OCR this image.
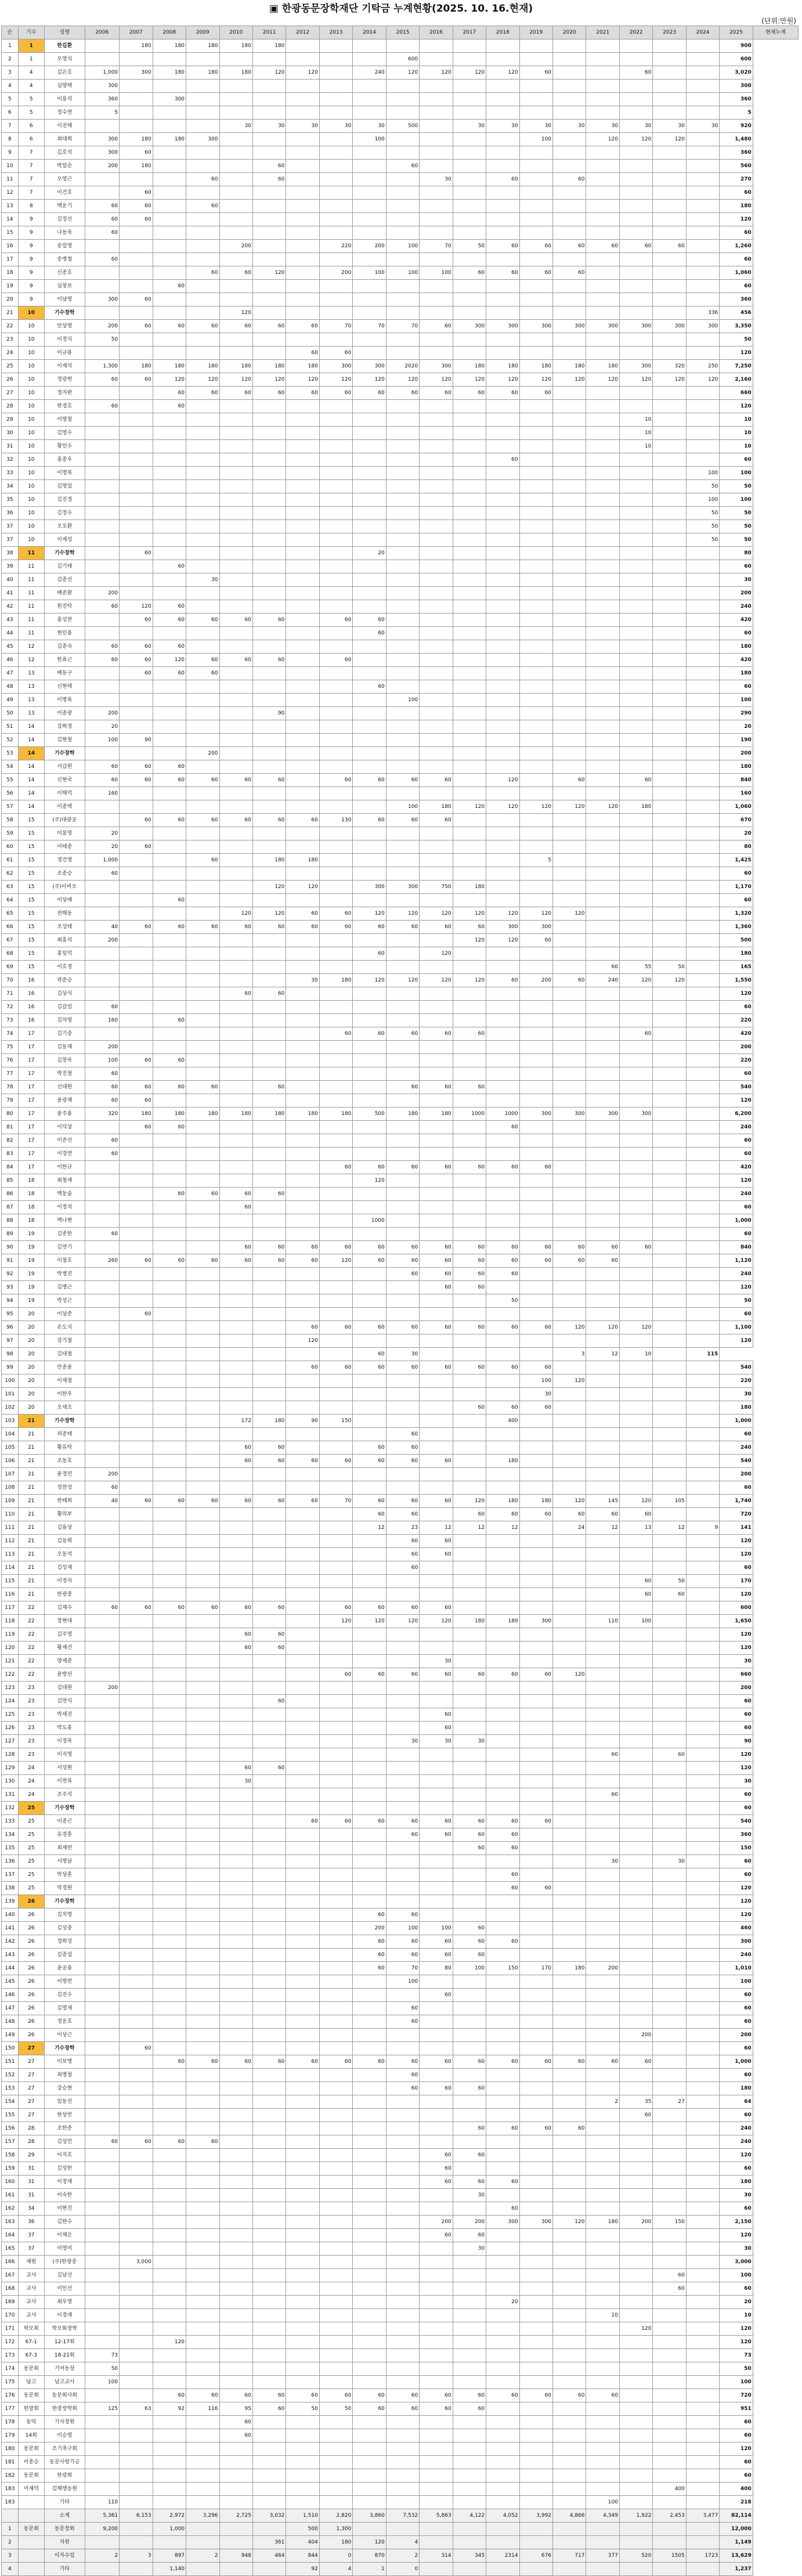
▣ 한광동문장학재단 기탁금 누계현황(2025. 10. 16.현재)
(단위:만원)
순	기수	성명	2006	2007	2008	2009	2010	2011	2012	2013	2014	2015	2016	2017	2018	2019	2020	2021	2022	2023	2024	2025	현재누계
1	1	한길환		180	180	180	180	180														900	
2	1	오영식										600										600	
3	4	김은호	1,000	300	180	180	180	120	120		240	120	120	120	120	60			60			3,020	
4	4	심양택	300																			300	
5	5	이용석	360		300																	360	
6	5	정수연	5																			5	
7	6	이진태					30	30	30	30	30	500		30	30	30	30	30	30	30	30	920	
8	6	최대희	300	180	180	300					100					100		120	120	120		1,480	
9	7	김호석	300	60																		360	
10	7	박일순	200	180				60				60										560	
11	7	오영근				60		60					30		60		60					270	
12	7	이건호		60																		60	
13	8	백운기	60	60		60																180	
14	9	김정선	60	60																		120	
15	9	나동욱	60																			60	
16	9	송일영					200			220	200	100	70	50	60	60	60	60	60	60		1,260	
17	9	송병철	60																			60	
18	9	신종호				60	60	120		200	100	100	100	60	60	60	60					1,060	
19	9	심창보			60																	60	
20	9	이남영	300	60																		360	
21	10	기수장학					120														336	456	
22	10	안상영	200	60	60	60	60	60	60	70	70	70	60	300	300	300	300	300	300	300	300	3,350	
23	10	이정식	50																			50	
24	10	이규용							60	60												120	
25	10	이재석	1,300	180	180	180	180	180	180	300	300	2020	300	180	180	180	180	180	300	320	250	7,250	
26	10	정광헌	60	60	120	120	120	120	120	120	120	120	120	120	120	120	120	120	120	120	120	2,160	
27	10	정지완			60	60	60	60	60	60	60	60	60	60	60	60						660	
28	10	한경호	60		60																	120	
29	10	이영철																	10			10	
30	10	김영수																	10			10	
31	10	황인수																	10			10	
32	10	홍종우													60							60	
33	10	이명복																			100	100	
34	10	김영일																			50	50	
35	10	김진경																			100	100	
36	10	김정수																			50	50	
37	10	오오환																			50	50	
37	10	이계성																			50	50	
38	11	기수장학		60							20											80	
39	11	김기태			60																	60	
40	11	김종선				30																30	
41	11	배준환	200																			200	
42	11	원진탁	60	120	60																	240	
43	11	홍성찬		60	60	60	60	60		60	60											420	
44	11	현인용									60											60	
45	12	김종숙	60	60	60																	180	
46	12	한효근	60	60	120	60	60	60		60												420	
47	13	배동구		60	60	60																180	
48	13	신현택									60											60	
49	13	이병록										100										100	
50	13	이종광	200					90														290	
51	14	강희경	20																			20	
52	14	김현철	100	90																		190	
53	14	기수장학				200																200	
54	14	서갑원	60	60	60																	180	
55	14	신현국	60	60	60	60	60	60		60	60	60	60		120		60		60			840	
56	14	이해덕	160																			160	
57	14	이종택										100	180	120	120	120	120	120	180			1,060	
58	15	(주)대광공		60	60	60	60	60	60	130	60	60	60									670	
59	15	이봉영	20																			20	
60	15	이태종	20	60																		80	
61	15	정건영	1,000			60		180	180							5						1,425	
62	15	조종승	60																			60	
63	15	(주)이비오						120	120		300	300	750	180								1,170	
64	15	이상배			60																	60	
65	15	전해동					120	120	60	60	120	120	120	120	120	120	120					1,320	
66	15	조성태	40	60	60	60	60	60	60	60	60	60	60	60	300	300						1,360	
67	15	최홍석	200											120	120	60						500	
68	15	홍일덕									60		120									180	
69	15	이호정																60	55	50		165	
70	16	곽준승							30	180	120	120	120	120	60	200	60	240	120	120		1,550	
71	16	김상식					60	60														120	
72	16	김갈일	60																			60	
73	16	김차영	160		60																	220	
74	17	김기중								60	60	60	60	60					60			420	
75	17	김동채	200																			200	
76	17	김창욱	100	60	60																	220	
77	17	박진철	60																			60	
78	17	신대원	60	60	60	60		60				60	60	60								540	
79	17	윤광채	60	60																		120	
80	17	윤주용	320	180	180	180	180	180	180	180	500	180	180	1000	1000	300	300	300	300			6,200	
81	17	이덕상		60	60										60							240	
82	17	이준선	60																			60	
83	17	이경연	60																			60	
84	17	이한규								60	60	60	60	60	60	60						420	
85	18	최철재									120											120	
86	18	백동술			60	60	60	60														240	
87	18	이정석					60															60	
88	18	백나현									1000											1,000	
89	19	김종한	60																			60	
90	19	김연기					60	60	60	60	60	60	60	60	60	60	60	60	60			840	
91	19	이철호	260	60	60	60	60	60	60	120	60	60	60	60	60	60	60	60				1,120	
92	19	박병진										60	60	60	60							240	
93	19	김명근											60	60								120	
94	19	박성근													50							50	
95	20	이상준		60																		60	
96	20	손도식							60	60	60	60	60	60	60	60	120	120	120			1,100	
97	20	강기철							120													120	
98	20	김대철									60	30					3	12	10		115		
99	20	안종윤							60	60	60	60	60	60	60	60						540	
100	20	이재철														100	120					220	
101	20	이한우														30						30	
102	20	오세조												60	60	60						180	
103	21	기수장학					172	180	90	150					400							1,000	
104	21	허종태										60										60	
105	21	황유탁					60	60			60	60										240	
106	21	조동호					60	60	60	60	60	60	60		180							540	
107	21	윤경민	200																			200	
108	21	정찬성	60																			60	
109	21	한태희	40	60	60	60	60	60	60	70	60	60	60	120	180	180	120	145	120	105		1,740	
110	21	황의부									60	60		60	60	60	60	60	60			720	
111	21	김용상									12	23	12	12	12		24	12	13	12	9	141	
112	21	김동희										60	60									120	
113	21	오동석										60	60									120	
114	21	김성재										60										60	
115	21	이정자																	60	50		170	
116	21	한광종																	60	60		120	
117	22	김재수	60	60	60	60	60	60		60	60	60	60									600	
118	22	장현대								120	120	120	120	180	180	300		110	100			1,650	
119	22	김주영					60	60														120	
120	22	황재건					60	60														120	
121	22	양재준											30									30	
122	22	윤방선								60	60	60	60	60	60	60	120					660	
123	23	김대원	200																			200	
124	23	김연식						60														60	
125	23	박세진											60									60	
126	23	박도홍											60									60	
127	23	이정욱										30	30	30								90	
128	23	이지영																60		60		120	
129	24	서성원					60	60														120	
130	24	이연복					30															30	
131	24	조주석																60				60	
132	25	기수장학																				60	
133	25	이종근							60	60	60	60	60	60	60	60						540	
134	25	유정훈										60	60	60	60							360	
135	25	최재빈												60	60							150	
136	25	서영남																30		30		60	
137	25	박상훈													60							60	
138	25	박정원													60	60						120	
139	26	기수장학																				120	
140	26	김치영									60	60										120	
141	26	김성중									200	100	100	60								460	
142	26	정희성									60	60	60	60	60							300	
143	26	김종섭									60	60	60	60								240	
144	26	윤공용									60	70	80	100	150	170	180	200				1,010	
145	26	이영빈										100										100	
146	26	김진수											60									60	
147	26	김영재										60										60	
148	26	정운호										60										60	
149	26	이상근																	200			200	
150	27	기수장학		60																		60	
151	27	이보명			60	60	60	60	60	60	60	60	60	60	60	60	60	60	60			1,000	
152	27	최병철										60										60	
153	27	강승현										60	60	60								180	
154	27	임동진																2	35	27		64	
155	27	한상빈																	60			60	
156	28	조한준												60	60	60	60					240	
157	28	김성민	60	60	60	60																240	
158	29	이지호											60	60								120	
159	31	김성한											60									60	
160	31	이정재											60	60	60							180	
161	31	이숙한												30								30	
162	34	이현진													60							60	
163	36	김한수											200	200	300	300	120	180	200	150		2,150	
164	37	이채은											60	60								120	
165	37	이영미												30								30	
166	재원	(주)한광종		3,000																		3,000	
167	교사	김남선																		60		100	
168	교사	이인선																		60		60	
169	교사	최우영													20							20	
170	교사	이경재																10				10	
171	학모회	학모회장학																	120			120	
172	67-1	12-17회			120																	120	
173	67-3	18-21회	73																			73	
174	동문회	기어동창	50																			50	
175	남고	남고교사	100																			100	
176	동문회	동문회사회			60	60	60	60	60	60	60	60	60	60	60	60	60	60				720	
177	한광회	한광장학회	125	63	92	116	95	60	50	50	60	60	60	60								951	
178	동악	기사장원					60															60	
179	14회	이승엽					60															60	
180	동문회	조기축구회																				120	
181	이종승	동문사랑기금																				60	
182	동문회	한광회																				60	
183	이재덕	김해행동원																		400		400	
183		기타	110															100				218	
		소계	5,361	6,153	2,972	3,296	2,725	3,032	1,510	2,820	3,860	7,532	5,863	4,122	4,052	3,992	4,866	4,349	1,922	2,453	3,477	82,114	
1	동문회	동문장회	9,200		1,000				500	1,300												12,000	
2		지원						361	404	180	120	4										1,149	
3		이자수입	2	3	897	2	948	464	844	0	870	2	314	345	2314	676	717	377	520	1505	1723	13,629	
4		기타			1,140				92	4	1	0										1,237	
